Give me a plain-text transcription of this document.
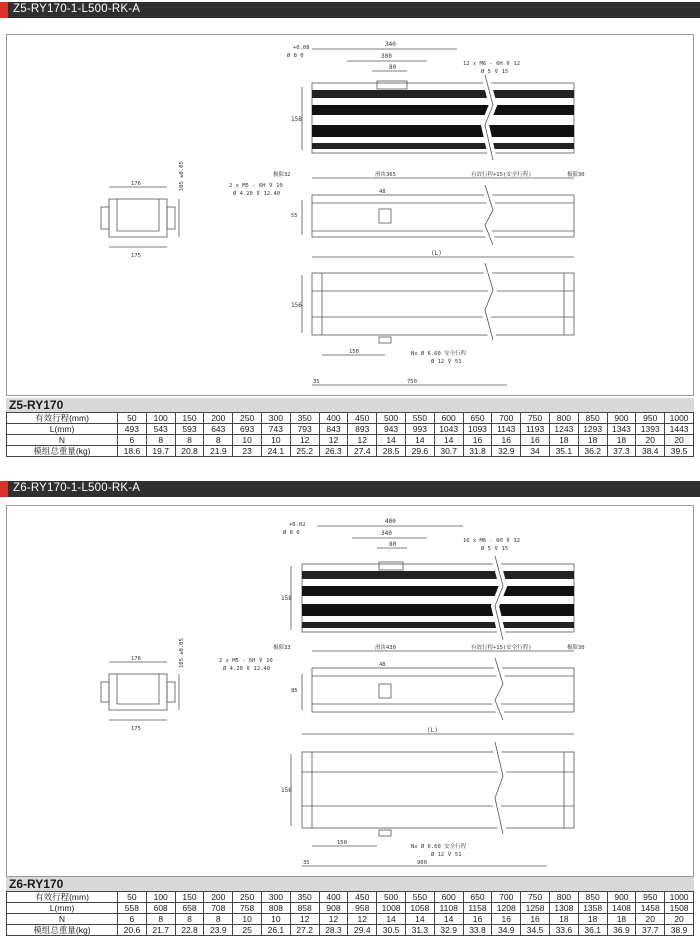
Z5-RY170-1-L500-RK-A
340
300
80
+0.08
Ø 8 0
12 x M6 - 6H ⊽ 12
Ø 5 ⊽ 15
158
极限32	滑块365	有效行程+15(安全行程)	极限30
2 x M5 - 6H ⊽ 10
Ø 4.20 ⊽ 12.40	48
55
(L)
156
150	Nx Ø 6.60 安全行程
Ø 12 ⊽ 51
35	750
176
175
105 ±0.05
Z5-RY170
有效行程(mm)	50	100	150	200	250	300	350	400	450	500	550	600	650	700	750	800	850	900	950	1000
L(mm)	493	543	593	643	693	743	793	843	893	943	993	1043	1093	1143	1193	1243	1293	1343	1393	1443
N	6	8	8	8	10	10	12	12	12	14	14	14	16	16	16	18	18	18	20	20
模组总重量(kg)	18.6	19.7	20.8	21.9	23	24.1	25.2	26.3	27.4	28.5	29.6	30.7	31.8	32.9	34	35.1	36.2	37.3	38.4	39.5
Z6-RY170-1-L500-RK-A
400
340
80
+0.02
Ø 8 0
16 x M6 - 6H ⊽ 12
Ø 5 ⊽ 15
158
极限33	滑块430	有效行程+15(安全行程)	极限30
2 x M5 - 6H ⊽ 10
Ø 4.20 ⊽ 12.40
48
85
(L)
156
150
Nx Ø 6.60 安全行程
Ø 12 ⊽ 51
35	900
176
175
105 ±0.05
Z6-RY170
有效行程(mm)	50	100	150	200	250	300	350	400	450	500	550	600	650	700	750	800	850	900	950	1000
L(mm)	558	608	658	708	758	808	858	908	958	1008	1058	1108	1158	1208	1258	1308	1358	1408	1458	1508
N	6	8	8	8	10	10	12	12	12	14	14	14	16	16	16	18	18	18	20	20
模组总重量(kg)	20.6	21.7	22.8	23.9	25	26.1	27.2	28.3	29.4	30.5	31.3	32.9	33.8	34.9	34.5	33.6	36.1	36.9	37.7	38.9
